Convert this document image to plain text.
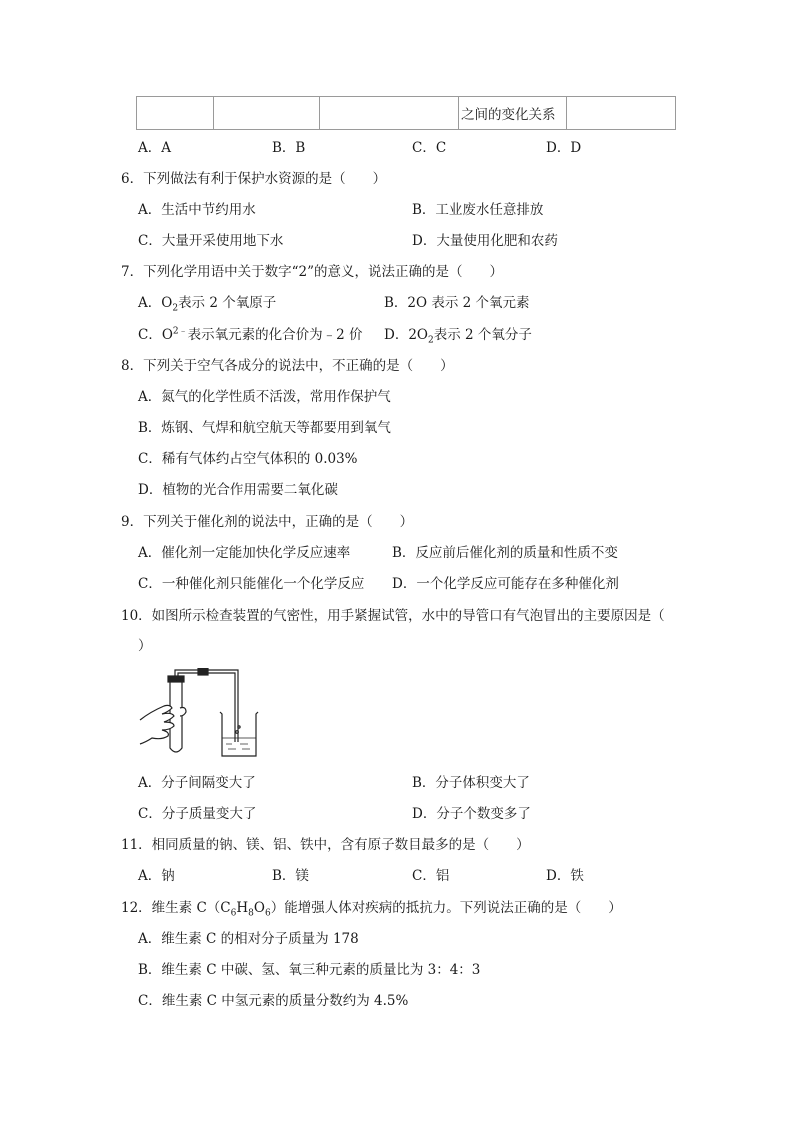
			之间的变化关系	
A．A	B．B	C．C	D．D
6．下列做法有利于保护水资源的是（　　）
A．生活中节约用水	B．工业废水任意排放
C．大量开采使用地下水	D．大量使用化肥和农药
7．下列化学用语中关于数字“2”的意义，说法正确的是（　　）
A．$O_2$表示 2 个氧原子	B．2O 表示 2 个氧元素
C．$O^{2﹣}$表示氧元素的化合价为﹣2 价 D．$2O_2$表示 2 个氧分子
8．下列关于空气各成分的说法中，不正确的是（　　）
A．氮气的化学性质不活泼，常用作保护气
B．炼钢、气焊和航空航天等都要用到氧气
C．稀有气体约占空气体积的 0.03%
D．植物的光合作用需要二氧化碳
9．下列关于催化剂的说法中，正确的是（　　）
A．催化剂一定能加快化学反应速率	B．反应前后催化剂的质量和性质不变
C．一种催化剂只能催化一个化学反应 D．一个化学反应可能存在多种催化剂
10．如图所示检查装置的气密性，用手紧握试管，水中的导管口有气泡冒出的主要原因是（
）
A．分子间隔变大了	B．分子体积变大了
C．分子质量变大了	D．分子个数变多了
11．相同质量的钠、镁、铝、铁中，含有原子数目最多的是（　　）
A．钠	B．镁	C．铝	D．铁
12．维生素 $C(C_6H_8O_6)$能增强人体对疾病的抵抗力。下列说法正确的是（　　）
A．维生素 C 的相对分子质量为 178
B．维生素 C 中碳、氢、氧三种元素的质量比为 3：4：3
C．维生素 C 中氢元素的质量分数约为 4.5%
